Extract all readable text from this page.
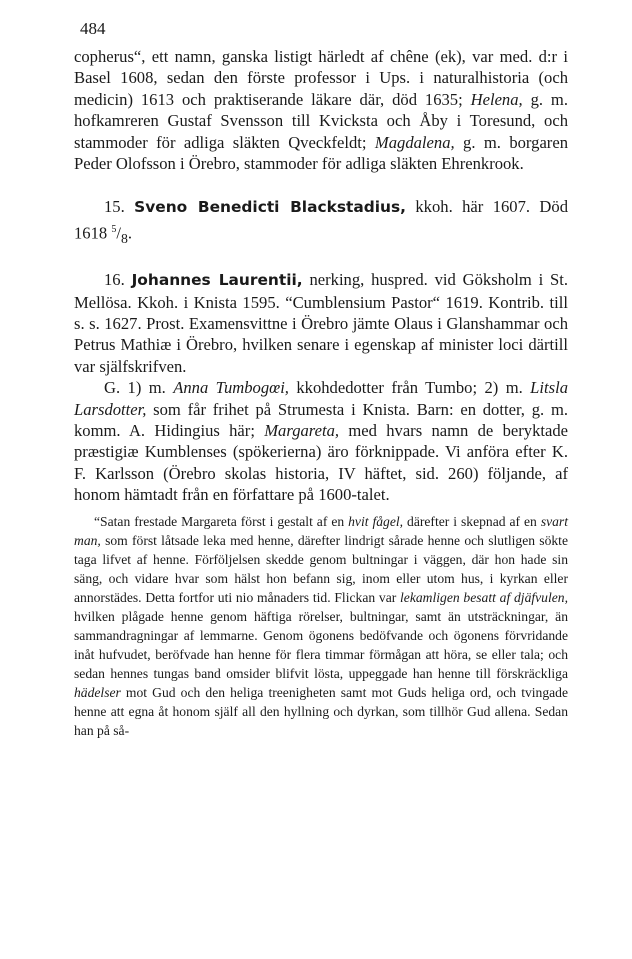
484

copherus“, ett namn, ganska listigt härledt af chêne (ek), var med. d:r i Basel 1608, sedan den förste professor i Ups. i naturalhistoria (och medicin) 1613 och praktiserande läkare där, död 1635; Helena, g. m. hofkamreren Gustaf Svensson till Kvicksta och Åby i Toresund, och stammoder för adliga släkten Qveckfeldt; Magdalena, g. m. borgaren Peder Olofsson i Örebro, stammoder för adliga släkten Ehrenkrook.

15. Sveno Benedicti Blackstadius, kkoh. här 1607. Död 1618 $^5/_8$.

16. Johannes Laurentii, nerking, huspred. vid Göksholm i St. Mellösa. Kkoh. i Knista 1595. “Cumblensium Pastor“ 1619. Kontrib. till s. s. 1627. Prost. Examensvittne i Örebro jämte Olaus i Glanshammar och Petrus Mathiæ i Örebro, hvilken senare i egenskap af minister loci därtill var själfskrifven.

G. 1) m. Anna Tumbogœi, kkohdedotter från Tumbo; 2) m. Litsla Larsdotter, som får frihet på Strumesta i Knista. Barn: en dotter, g. m. komm. A. Hidingius här; Margareta, med hvars namn de beryktade præstigiæ Kumblenses (spökerierna) äro förknippade. Vi anföra efter K. F. Karlsson (Örebro skolas historia, IV häftet, sid. 260) följande, af honom hämtadt från en författare på 1600-talet.

“Satan frestade Margareta först i gestalt af en hvit fågel, därefter i skepnad af en svart man, som först låtsade leka med henne, därefter lindrigt sårade henne och slutligen sökte taga lifvet af henne. Förföljelsen skedde genom bultningar i väggen, där hon hade sin säng, och vidare hvar som hälst hon befann sig, inom eller utom hus, i kyrkan eller annorstädes. Detta fortfor uti nio månaders tid. Flickan var lekamligen besatt af djäfvulen, hvilken plågade henne genom häftiga rörelser, bultningar, samt än utsträckningar, än sammandragningar af lemmarne. Genom ögonens bedöfvande och ögonens förvridande inåt hufvudet, beröfvade han henne för flera timmar förmågan att höra, se eller tala; och sedan hennes tungas band omsider blifvit lösta, uppeggade han henne till förskräckliga hädelser mot Gud och den heliga treenigheten samt mot Guds heliga ord, och tvingade henne att egna åt honom själf all den hyllning och dyrkan, som tillhör Gud allena. Sedan han på så-
